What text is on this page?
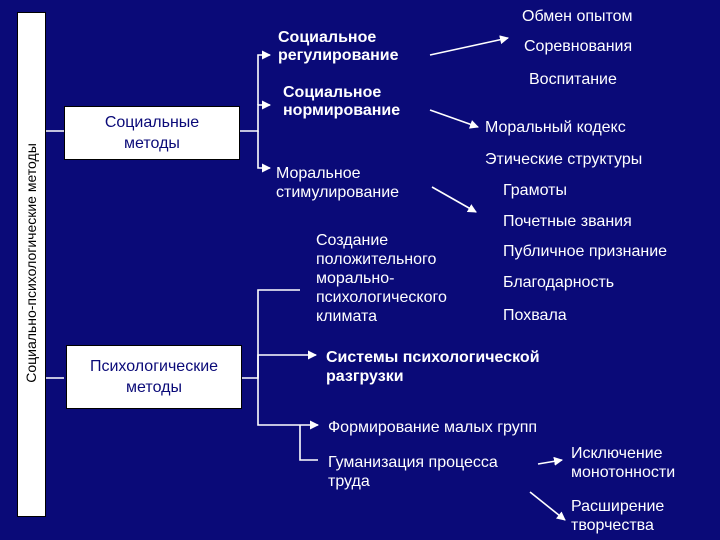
Социально-психологические методы
Социальные
методы
Психологические
методы
Социальное
регулирование
Социальное
нормирование
Моральное
стимулирование
Обмен опытом
Соревнования
Воспитание
Моральный кодекс
Этические структуры
Грамоты
Почетные звания
Публичное признание
Благодарность
Похвала
Создание
положительного
морально-
психологического
климата
Системы психологической
разгрузки
Формирование малых групп
Гуманизация процесса
труда
Исключение
монотонности
Расширение
творчества
